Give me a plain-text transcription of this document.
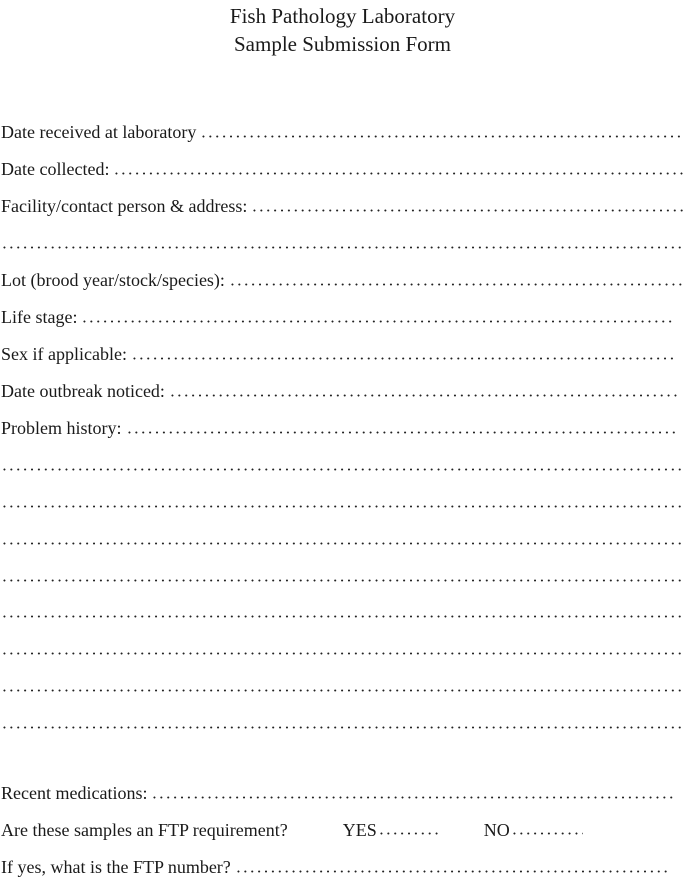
Fish Pathology Laboratory
Sample Submission Form
Date received at laboratory
Date collected:
Facility/contact person & address:
Lot (brood year/stock/species):
Life stage:
Sex if applicable:
Date outbreak noticed:
Problem history:
Recent medications:
Are these samples an FTP requirement?	YES	NO
If yes, what is the FTP number?
